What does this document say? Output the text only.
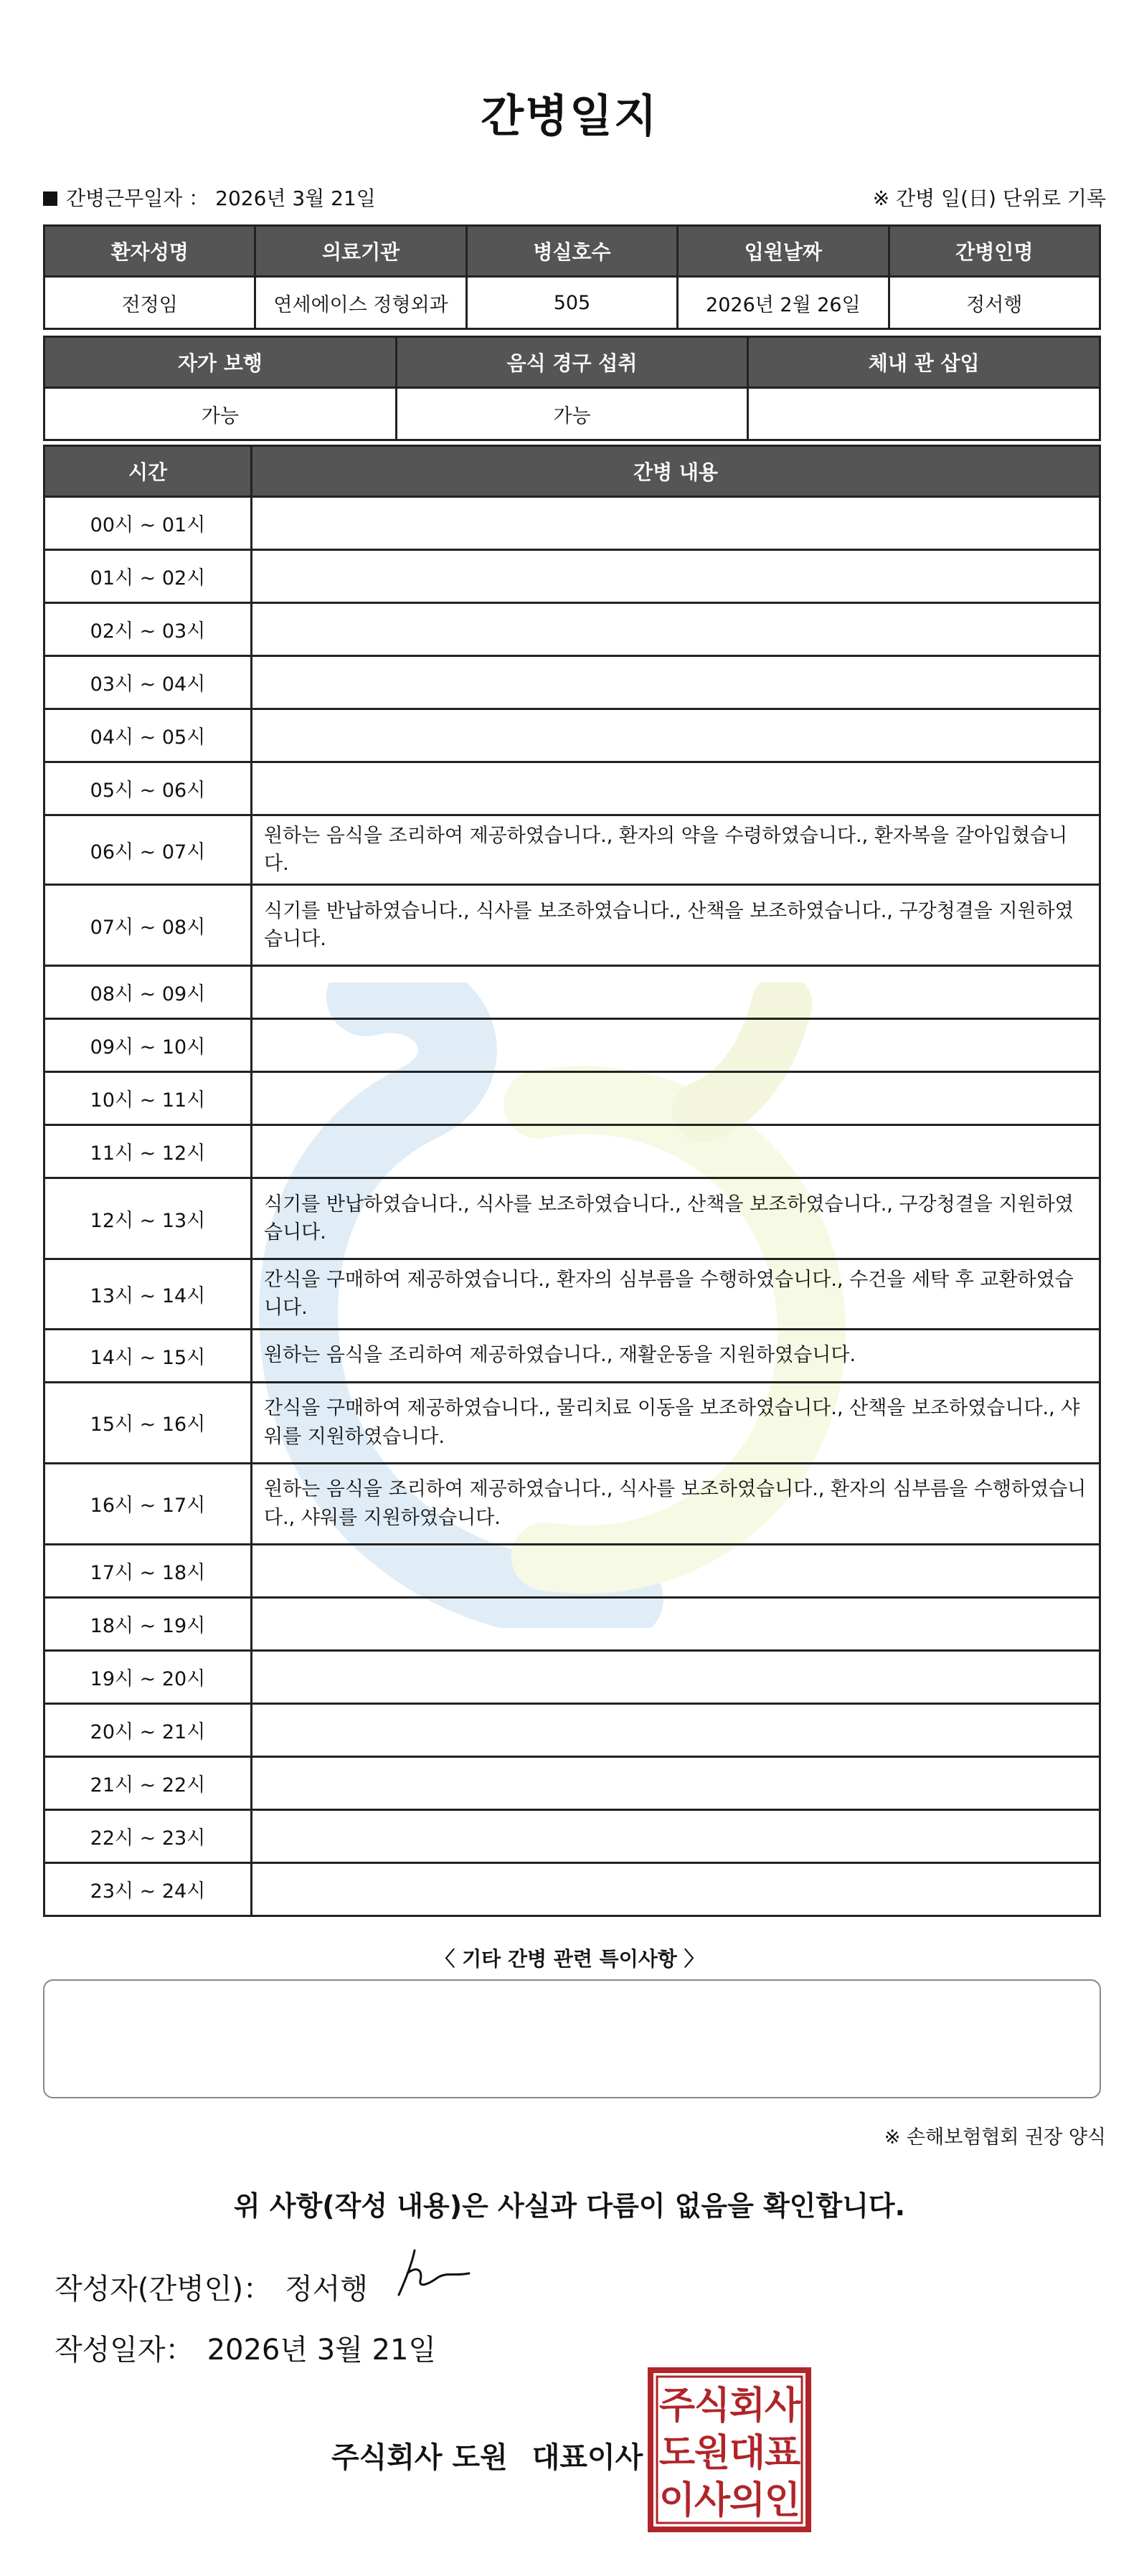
간병일지
간병근무일자 ： 2026년 3월 21일	※ 간병 일(日) 단위로 기록
환자성명	의료기관	병실호수	입원날짜	간병인명
전정임	연세에이스 정형외과	505	2026년 2월 26일	정서행
자가 보행	음식 경구 섭취	체내 관 삽입
가능	가능	
시간	간병 내용
00시 ~ 01시	
01시 ~ 02시	
02시 ~ 03시	
03시 ~ 04시	
04시 ~ 05시	
05시 ~ 06시	
06시 ~ 07시	원하는 음식을 조리하여 제공하였습니다., 환자의 약을 수령하였습니다., 환자복을 갈아입혔습니다.
07시 ~ 08시	식기를 반납하였습니다., 식사를 보조하였습니다., 산책을 보조하였습니다., 구강청결을 지원하였습니다.
08시 ~ 09시	
09시 ~ 10시	
10시 ~ 11시	
11시 ~ 12시	
12시 ~ 13시	식기를 반납하였습니다., 식사를 보조하였습니다., 산책을 보조하였습니다., 구강청결을 지원하였습니다.
13시 ~ 14시	간식을 구매하여 제공하였습니다., 환자의 심부름을 수행하였습니다., 수건을 세탁 후 교환하였습니다.
14시 ~ 15시	원하는 음식을 조리하여 제공하였습니다., 재활운동을 지원하였습니다.
15시 ~ 16시	간식을 구매하여 제공하였습니다., 물리치료 이동을 보조하였습니다., 산책을 보조하였습니다., 샤워를 지원하였습니다.
16시 ~ 17시	원하는 음식을 조리하여 제공하였습니다., 식사를 보조하였습니다., 환자의 심부름을 수행하였습니다., 샤워를 지원하였습니다.
17시 ~ 18시	
18시 ~ 19시	
19시 ~ 20시	
20시 ~ 21시	
21시 ~ 22시	
22시 ~ 23시	
23시 ~ 24시	
〈 기타 간병 관련 특이사항 〉
※ 손해보험협회 권장 양식
위 사항(작성 내용)은 사실과 다름이 없음을 확인합니다.
작성자(간병인)： 정서행
작성일자： 2026년 3월 21일
주식회사 도원 대표이사
주
식
회
사
도
원
대
표
이
사
의
인
